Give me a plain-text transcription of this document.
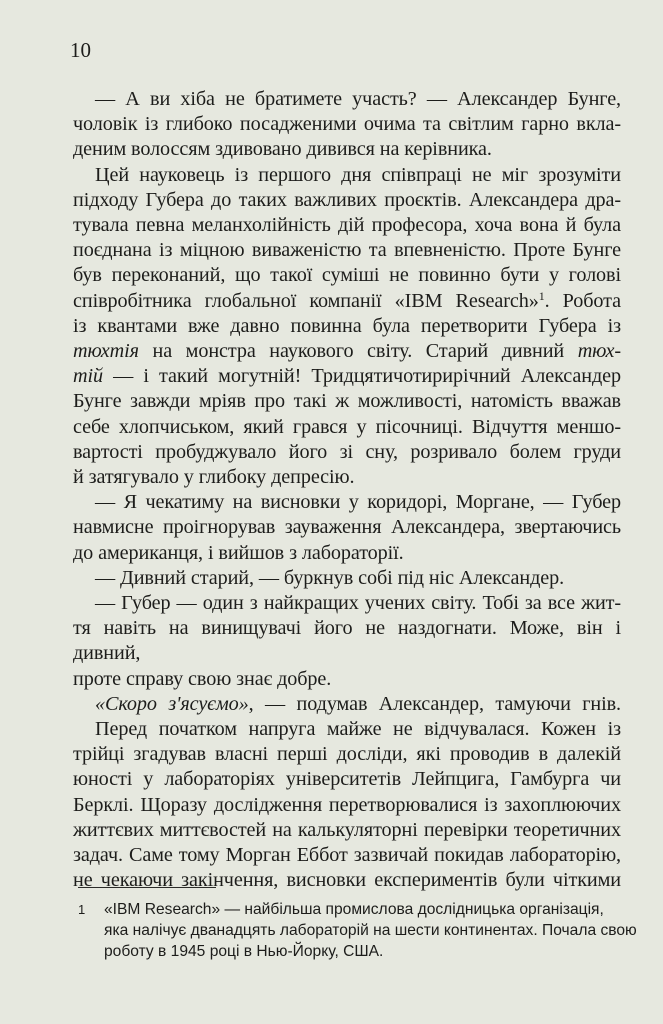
10

— А ви хіба не братимете участь? — Александер Бунге,
чоловік із глибоко посадженими очима та світлим гарно вкла-
деним волоссям здивовано дивився на керівника.

Цей науковець із першого дня співпраці не міг зрозуміти
підходу Губера до таких важливих проєктів. Александера дра-
тувала певна меланхолійність дій професора, хоча вона й була
поєднана із міцною виваженістю та впевненістю. Проте Бунге
був переконаний, що такої суміші не повинно бути у голові
співробітника глобальної компанії «IBM Research»$^1$. Робота
із квантами вже давно повинна була перетворити Губера із
тюхтія на монстра наукового світу. Старий дивний тюх-
тій — і такий могутній! Тридцятичотирирічний Александер
Бунге завжди мріяв про такі ж можливості, натомість вважав
себе хлопчиськом, який грався у пісочниці. Відчуття меншо-
вартості пробуджувало його зі сну, розривало болем груди
й затягувало у глибоку депресію.

— Я чекатиму на висновки у коридорі, Моргане, — Губер
навмисне проігнорував зауваження Александера, звертаючись
до американця, і вийшов з лабораторії.

— Дивний старий, — буркнув собі під ніс Александер.

— Губер — один з найкращих учених світу. Тобі за все жит-
тя навіть на винищувачі його не наздогнати. Може, він і дивний,
проте справу свою знає добре.

«Скоро з'ясуємо», — подумав Александер, тамуючи гнів.

Перед початком напруга майже не відчувалася. Кожен із
трійці згадував власні перші досліди, які проводив в далекій
юності у лабораторіях університетів Лейпцига, Гамбурга чи
Берклі. Щоразу дослідження перетворювалися із захоплюючих
життєвих миттєвостей на калькуляторні перевірки теоретичних
задач. Саме тому Морган Еббот зазвичай покидав лабораторію,
не чекаючи закінчення, висновки експериментів були чіткими

1 «IBM Research» — найбільша промислова дослідницька організація,
яка налічує дванадцять лабораторій на шести континентах. Почала свою
роботу в 1945 році в Нью-Йорку, США.
